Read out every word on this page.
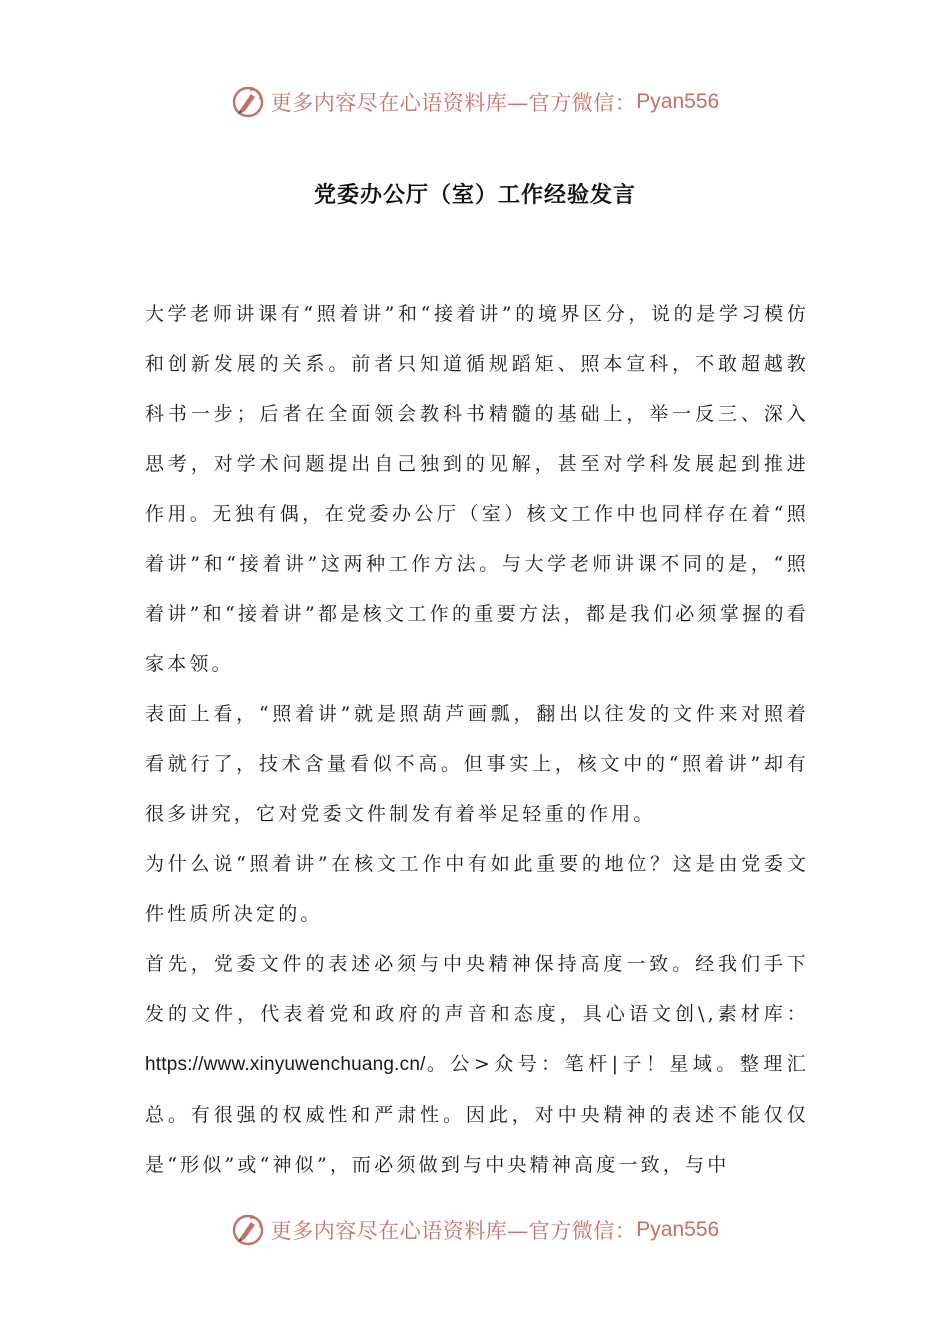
更多内容尽在心语资料库—官方微信： Pyan556
党委办公厅（室）工作经验发言

大学老师讲课有“照着讲”和“接着讲”的境界区分，说的是学习模仿和创新发展的关系。前者只知道循规蹈矩、照本宣科，不敢超越教科书一步；后者在全面领会教科书精髓的基础上，举一反三、深入思考，对学术问题提出自己独到的见解，甚至对学科发展起到推进作用。无独有偶，在党委办公厅（室）核文工作中也同样存在着“照着讲”和“接着讲”这两种工作方法。与大学老师讲课不同的是，“照着讲”和“接着讲”都是核文工作的重要方法，都是我们必须掌握的看家本领。

表面上看，“照着讲”就是照葫芦画瓢，翻出以往发的文件来对照着看就行了，技术含量看似不高。但事实上，核文中的“照着讲”却有很多讲究，它对党委文件制发有着举足轻重的作用。

为什么说“照着讲”在核文工作中有如此重要的地位？这是由党委文件性质所决定的。

首先，党委文件的表述必须与中央精神保持高度一致。经我们手下发的文件，代表着党和政府的声音和态度，具心语文创\,素材库：https://www.xinyuwenchuang.cn/。公>众号：笔杆|子！星域。整理汇总。有很强的权威性和严肃性。因此，对中央精神的表述不能仅仅是“形似”或“神似”，而必须做到与中央精神高度一致，与中

更多内容尽在心语资料库—官方微信： Pyan556
